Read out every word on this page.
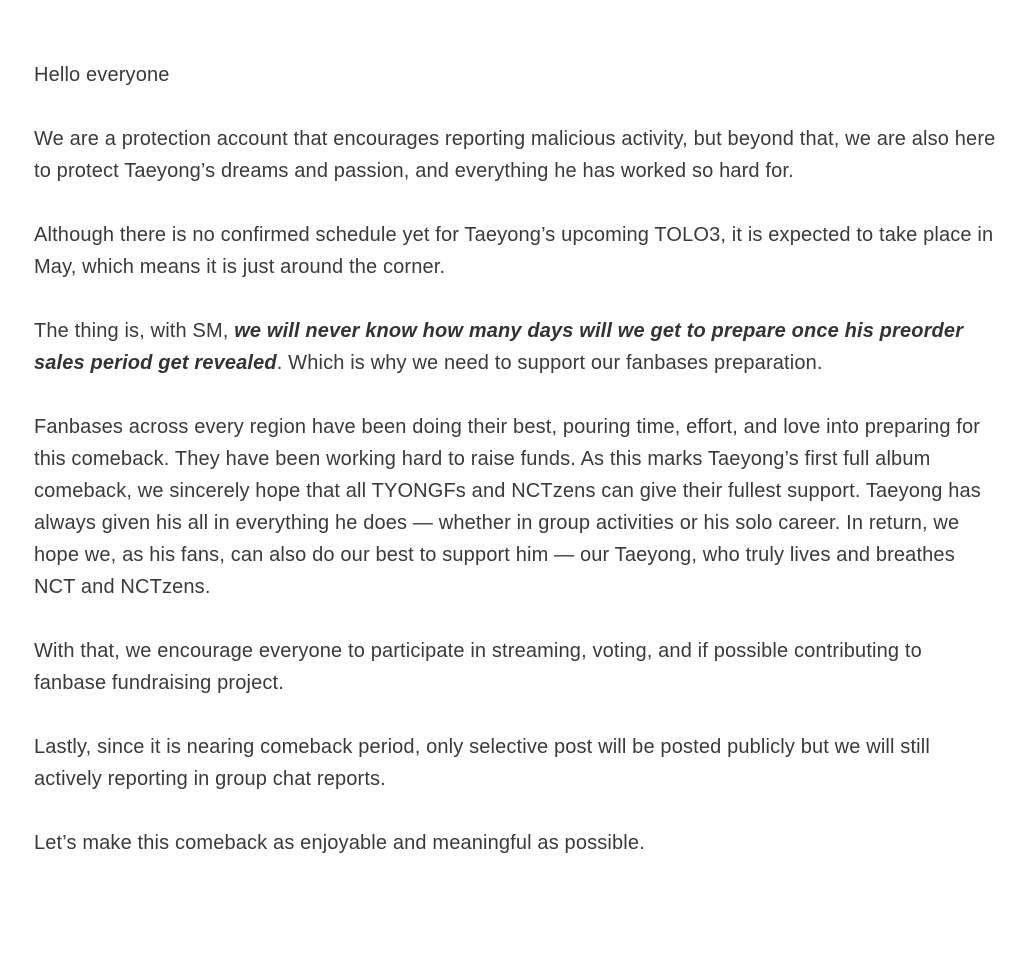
Hello everyone

We are a protection account that encourages reporting malicious activity, but beyond that, we are also here to protect Taeyong’s dreams and passion, and everything he has worked so hard for.

Although there is no confirmed schedule yet for Taeyong’s upcoming TOLO3, it is expected to take place in May, which means it is just around the corner.

The thing is, with SM, we will never know how many days will we get to prepare once his preorder sales period get revealed. Which is why we need to support our fanbases preparation.

Fanbases across every region have been doing their best, pouring time, effort, and love into preparing for this comeback. They have been working hard to raise funds. As this marks Taeyong’s first full album comeback, we sincerely hope that all TYONGFs and NCTzens can give their fullest support. Taeyong has always given his all in everything he does — whether in group activities or his solo career. In return, we hope we, as his fans, can also do our best to support him — our Taeyong, who truly lives and breathes NCT and NCTzens.

With that, we encourage everyone to participate in streaming, voting, and if possible contributing to fanbase fundraising project.

Lastly, since it is nearing comeback period, only selective post will be posted publicly but we will still actively reporting in group chat reports.

Let’s make this comeback as enjoyable and meaningful as possible.
